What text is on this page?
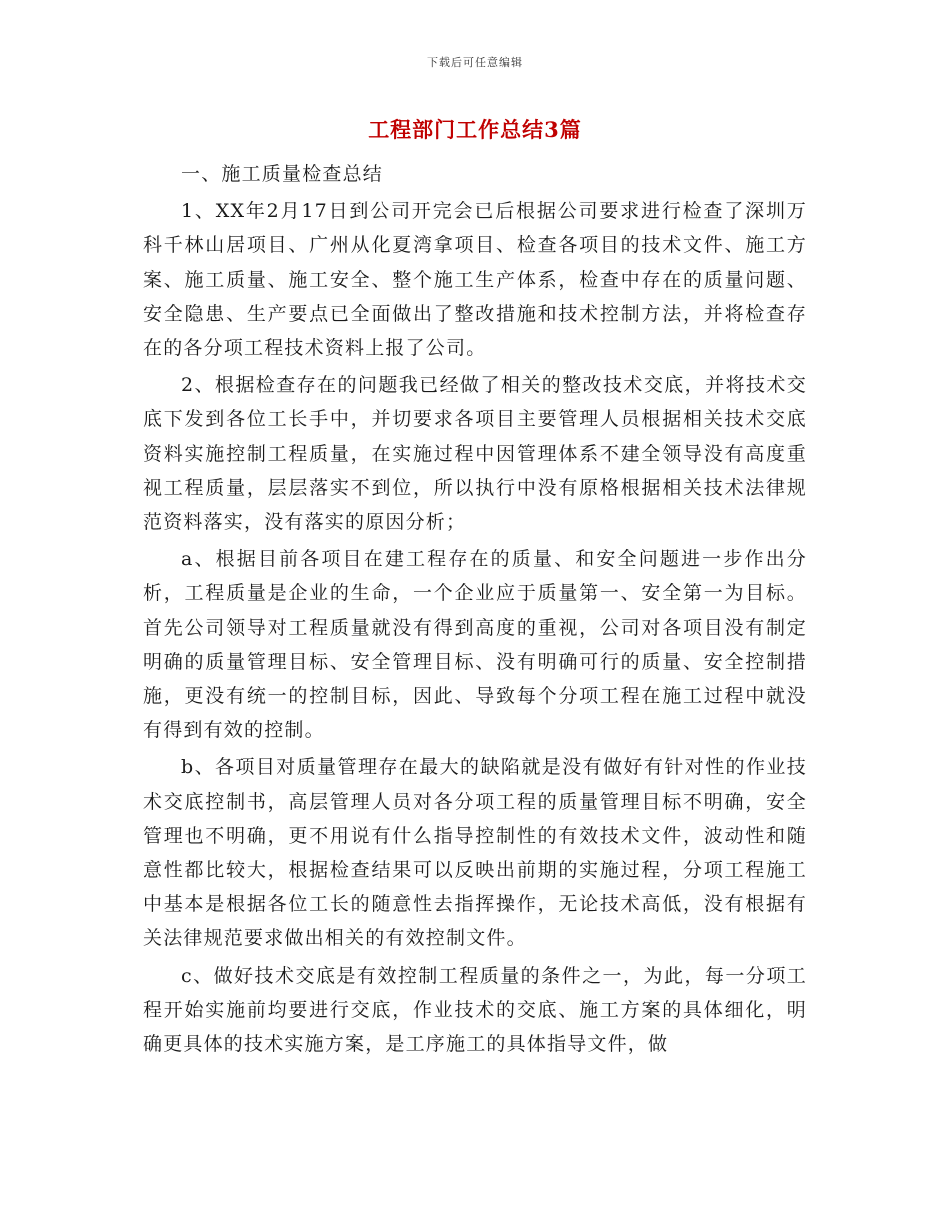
下载后可任意编辑
工程部门工作总结3篇

一、施工质量检查总结

1、XX年2月17日到公司开完会已后根据公司要求进行检查了深圳万科千林山居项目、广州从化夏湾拿项目、检查各项目的技术文件、施工方案、施工质量、施工安全、整个施工生产体系，检查中存在的质量问题、安全隐患、生产要点已全面做出了整改措施和技术控制方法，并将检查存在的各分项工程技术资料上报了公司。

2、根据检查存在的问题我已经做了相关的整改技术交底，并将技术交底下发到各位工长手中，并切要求各项目主要管理人员根据相关技术交底资料实施控制工程质量，在实施过程中因管理体系不建全领导没有高度重视工程质量，层层落实不到位，所以执行中没有原格根据相关技术法律规范资料落实，没有落实的原因分析；

a、根据目前各项目在建工程存在的质量、和安全问题进一步作出分析，工程质量是企业的生命，一个企业应于质量第一、安全第一为目标。首先公司领导对工程质量就没有得到高度的重视，公司对各项目没有制定明确的质量管理目标、安全管理目标、没有明确可行的质量、安全控制措施，更没有统一的控制目标，因此、导致每个分项工程在施工过程中就没有得到有效的控制。

b、各项目对质量管理存在最大的缺陷就是没有做好有针对性的作业技术交底控制书，高层管理人员对各分项工程的质量管理目标不明确，安全管理也不明确，更不用说有什么指导控制性的有效技术文件，波动性和随意性都比较大，根据检查结果可以反映出前期的实施过程，分项工程施工中基本是根据各位工长的随意性去指挥操作，无论技术高低，没有根据有关法律规范要求做出相关的有效控制文件。

c、做好技术交底是有效控制工程质量的条件之一，为此，每一分项工程开始实施前均要进行交底，作业技术的交底、施工方案的具体细化，明确更具体的技术实施方案，是工序施工的具体指导文件，做
